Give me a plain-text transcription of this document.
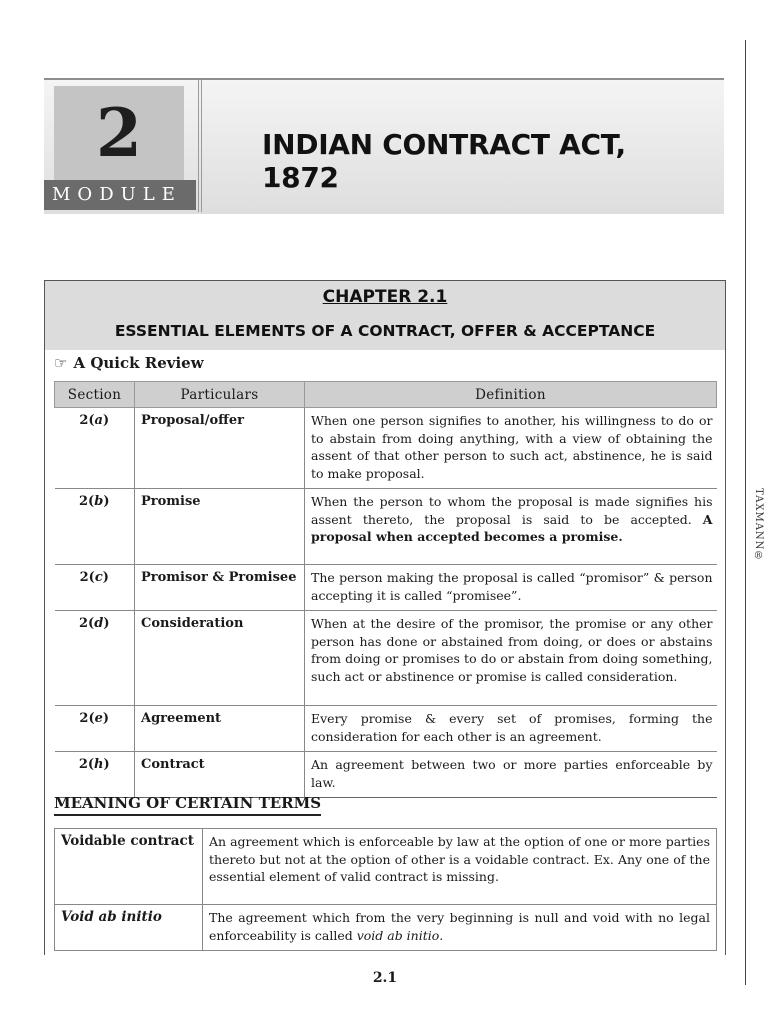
TAXMANN®
2
MODULE
INDIAN CONTRACT ACT, 1872
CHAPTER 2.1
ESSENTIAL ELEMENTS OF A CONTRACT, OFFER & ACCEPTANCE
☞ A Quick Review
Section	Particulars	Definition
2(a)	Proposal/offer	When one person signifies to another, his willingness to do or to abstain from doing anything, with a view of obtaining the assent of that other person to such act, abstinence, he is said to make proposal.
2(b)	Promise	When the person to whom the proposal is made signifies his assent thereto, the proposal is said to be accepted. A proposal when accepted becomes a promise.
2(c)	Promisor & Promisee	The person making the proposal is called “promisor” & person accepting it is called “promisee”.
2(d)	Consideration	When at the desire of the promisor, the promise or any other person has done or abstained from doing, or does or abstains from doing or promises to do or abstain from doing something, such act or abstinence or promise is called consideration.
2(e)	Agreement	Every promise & every set of promises, forming the consideration for each other is an agreement.
2(h)	Contract	An agreement between two or more parties enforceable by law.
MEANING OF CERTAIN TERMS
Voidable contract	An agreement which is enforceable by law at the option of one or more parties thereto but not at the option of other is a voidable contract. Ex. Any one of the essential element of valid contract is missing.
Void ab initio	The agreement which from the very beginning is null and void with no legal enforceability is called void ab initio.
2.1
